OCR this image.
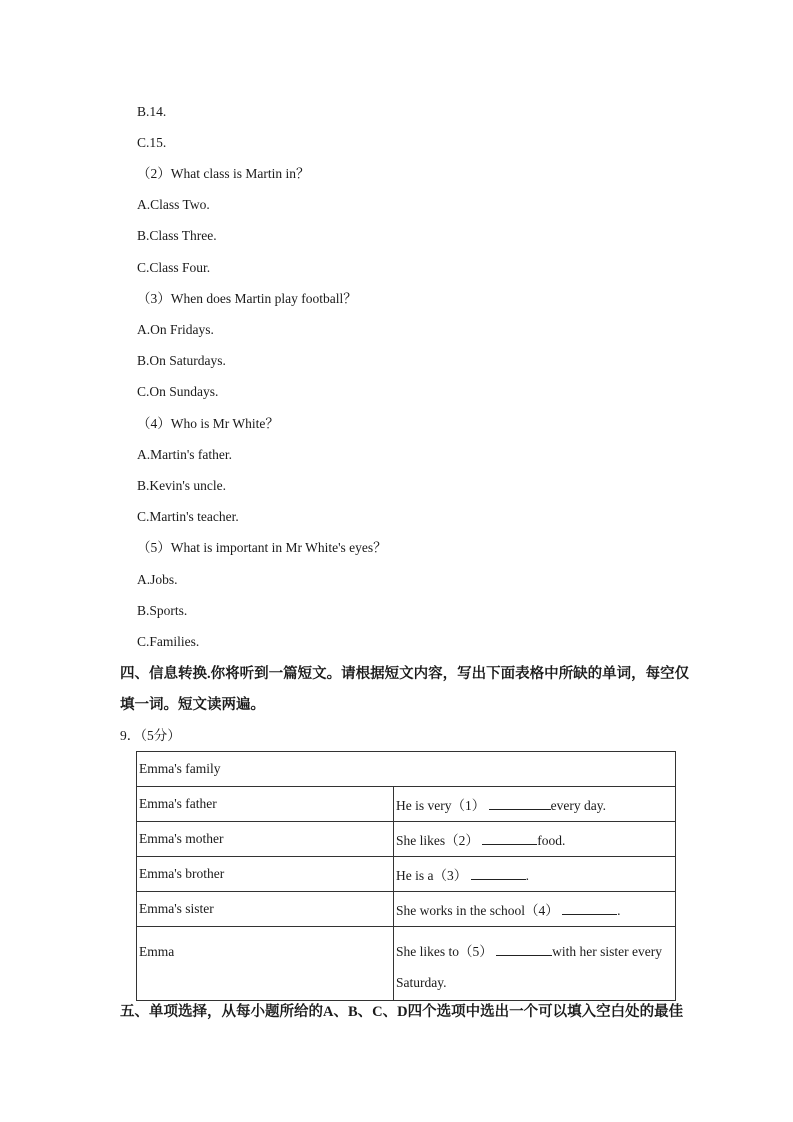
B.14.
C.15.
（2）What class is Martin in？
A.Class Two.
B.Class Three.
C.Class Four.
（3）When does Martin play football？
A.On Fridays.
B.On Saturdays.
C.On Sundays.
（4）Who is Mr White？
A.Martin's father.
B.Kevin's uncle.
C.Martin's teacher.
（5）What is important in Mr White's eyes？
A.Jobs.
B.Sports.
C.Families.
四、信息转换.你将听到一篇短文。请根据短文内容，写出下面表格中所缺的单词，每空仅
填一词。短文读两遍。
9．（5分）
Emma's family	
Emma's father	He is very（1） every day.
Emma's mother	She likes（2） food.
Emma's brother	He is a（3） .
Emma's sister	She works in the school（4） .
Emma	She likes to（5） with her sister every
Saturday.
五、单项选择，从每小题所给的A、B、C、D四个选项中选出一个可以填入空白处的最佳
